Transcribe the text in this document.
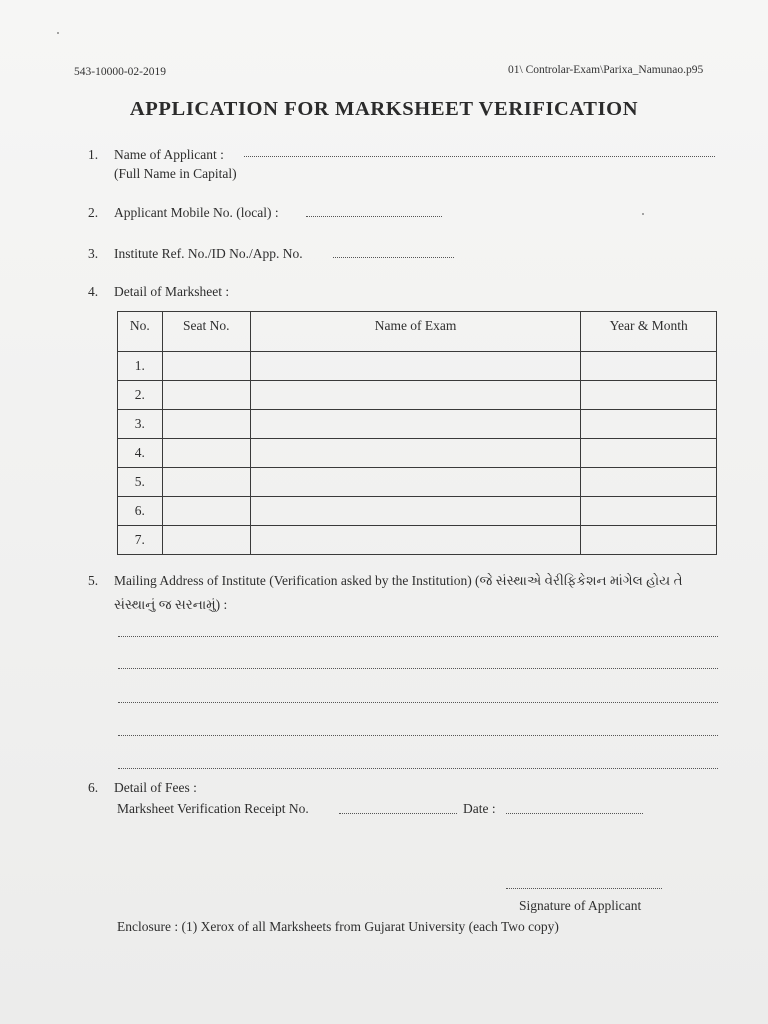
543-10000-02-2019	01\ Controlar-Exam\Parixa_Namunao.p95
APPLICATION FOR MARKSHEET VERIFICATION
1. Name of Applicant :
(Full Name in Capital)
2. Applicant Mobile No. (local) :
3. Institute Ref. No./ID No./App. No.
4. Detail of Marksheet :
No.	Seat No.	Name of Exam	Year & Month
1.			
2.			
3.			
4.			
5.			
6.			
7.			
5. Mailing Address of Institute (Verification asked by the Institution) (જે સંસ્થાએ વેરીફિકેશન માંગેલ હોય તે
સંસ્થાનું જ સરનામું) :
6. Detail of Fees :
Marksheet Verification Receipt No.	Date :
Signature of Applicant
Enclosure : (1) Xerox of all Marksheets from Gujarat University (each Two copy)
